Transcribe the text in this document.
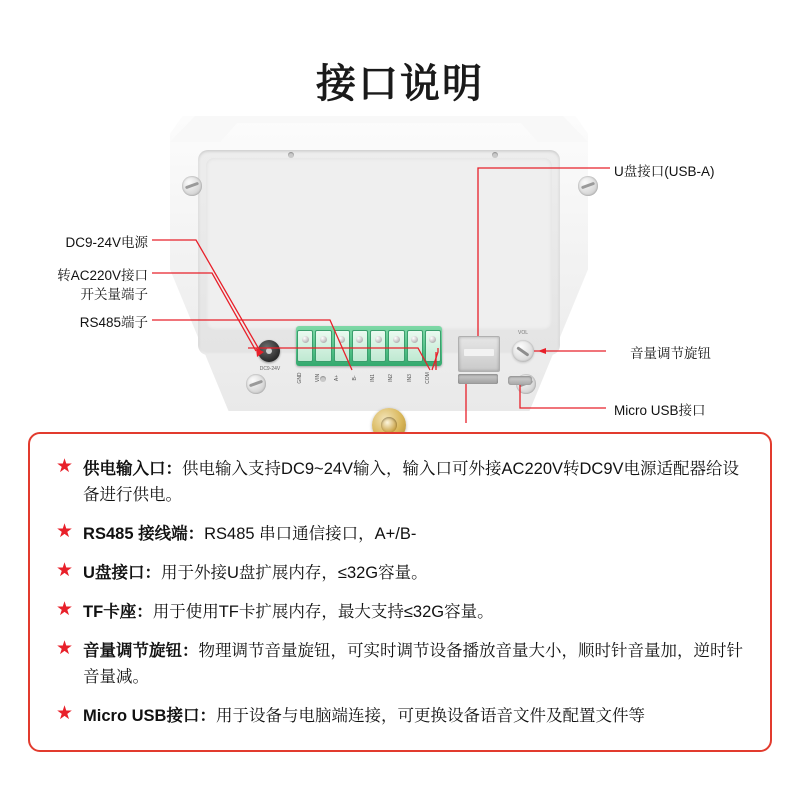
接口说明
GND	VIN	A+	B-	IN1	IN2	IN3	COM
DC9-24V
VOL
U盘接口(USB-A)
音量调节旋钮
Micro USB接口
DC9-24V电源
转AC220V接口
开关量端子
RS485端子
★ 供电输入口：供电输入支持DC9~24V输入，输入口可外接AC220V转DC9V电源适配器给设备进行供电。
★ RS485 接线端：RS485 串口通信接口，A+/B-
★ U盘接口：用于外接U盘扩展内存，≤32G容量。
★ TF卡座：用于使用TF卡扩展内存，最大支持≤32G容量。
★ 音量调节旋钮：物理调节音量旋钮，可实时调节设备播放音量大小，顺时针音量加，逆时针音量减。
★ Micro USB接口：用于设备与电脑端连接，可更换设备语音文件及配置文件等
